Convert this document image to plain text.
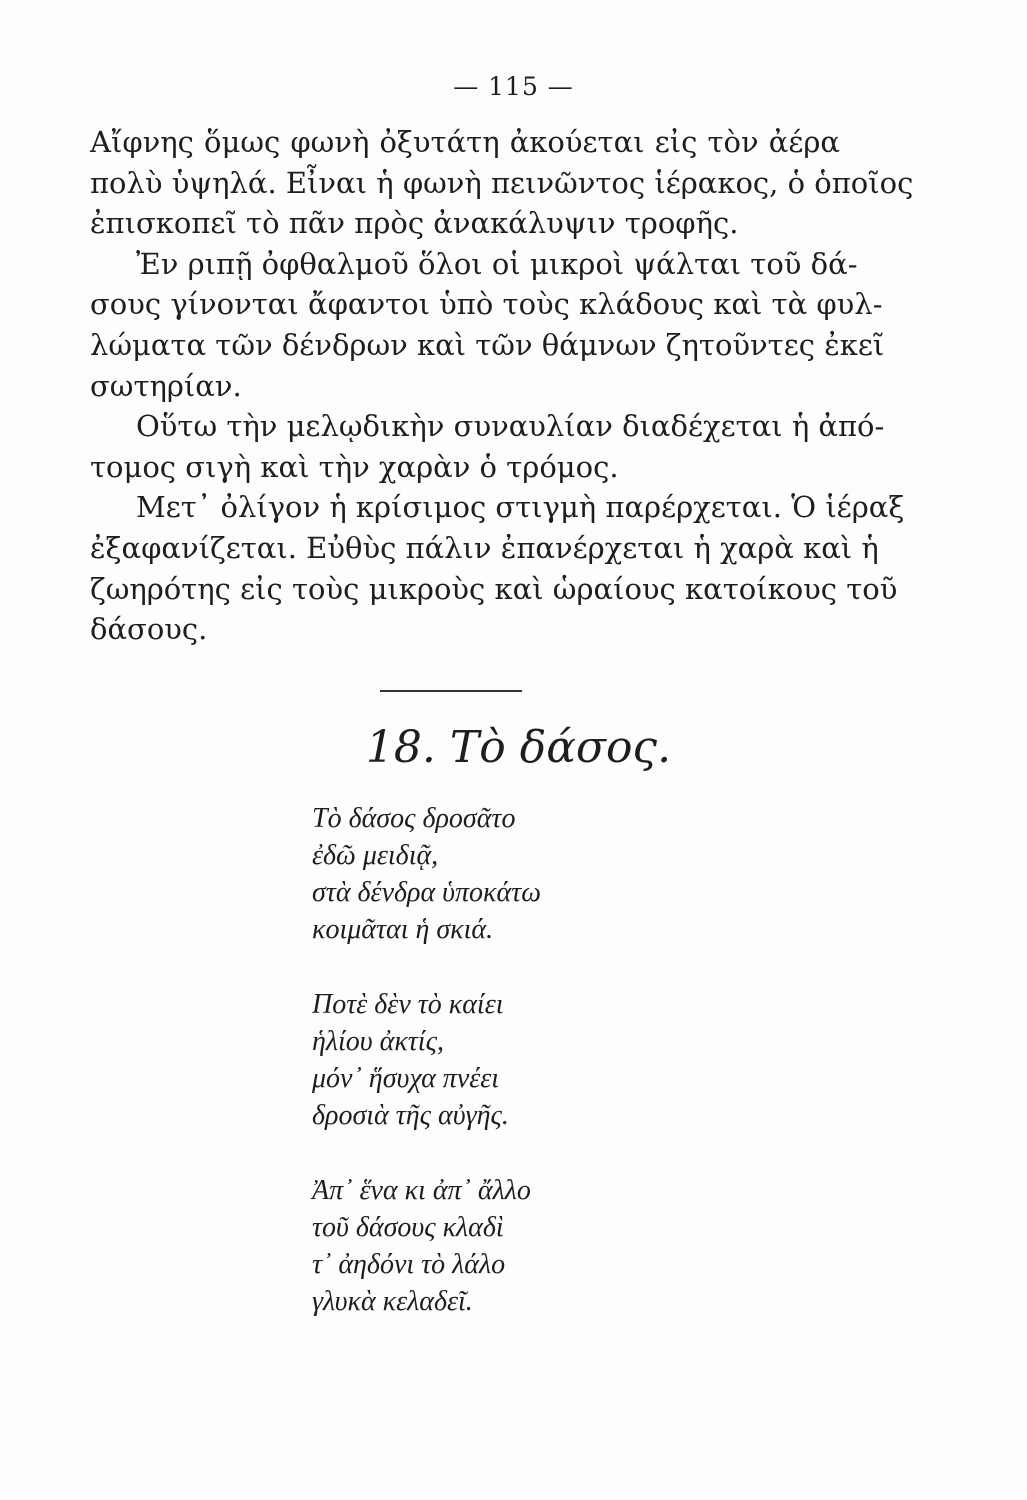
— 115 —

Αἴφνης ὅμως φωνὴ ὀξυτάτη ἀκούεται εἰς τὸν ἀέρα
πολὺ ὑψηλά. Εἶναι ἡ φωνὴ πεινῶντος ἱέρακος, ὁ ὁποῖος
ἐπισκοπεῖ τὸ πᾶν πρὸς ἀνακάλυψιν τροφῆς.

Ἐν ριπῇ ὀφθαλμοῦ ὅλοι οἱ μικροὶ ψάλται τοῦ δά-
σους γίνονται ἄφαντοι ὑπὸ τοὺς κλάδους καὶ τὰ φυλ-
λώματα τῶν δένδρων καὶ τῶν θάμνων ζητοῦντες ἐκεῖ
σωτηρίαν.

Οὕτω τὴν μελῳδικὴν συναυλίαν διαδέχεται ἡ ἀπό-
τομος σιγὴ καὶ τὴν χαρὰν ὁ τρόμος.

Μετ᾽ ὀλίγον ἡ κρίσιμος στιγμὴ παρέρχεται. Ὁ ἱέραξ
ἐξαφανίζεται. Εὐθὺς πάλιν ἐπανέρχεται ἡ χαρὰ καὶ ἡ
ζωηρότης εἰς τοὺς μικροὺς καὶ ὡραίους κατοίκους τοῦ
δάσους.

18. Τὸ δάσος.
Τὸ δάσος δροσᾶτο
ἐδῶ μειδιᾷ,
στὰ δένδρα ὑποκάτω
κοιμᾶται ἡ σκιά.
Ποτὲ δὲν τὸ καίει
ἡλίου ἀκτίς,
μόν᾽ ἥσυχα πνέει
δροσιὰ τῆς αὐγῆς.
Ἀπ᾽ ἕνα κι ἀπ᾽ ἄλλο
τοῦ δάσους κλαδὶ
τ᾽ ἀηδόνι τὸ λάλο
γλυκὰ κελαδεῖ.
